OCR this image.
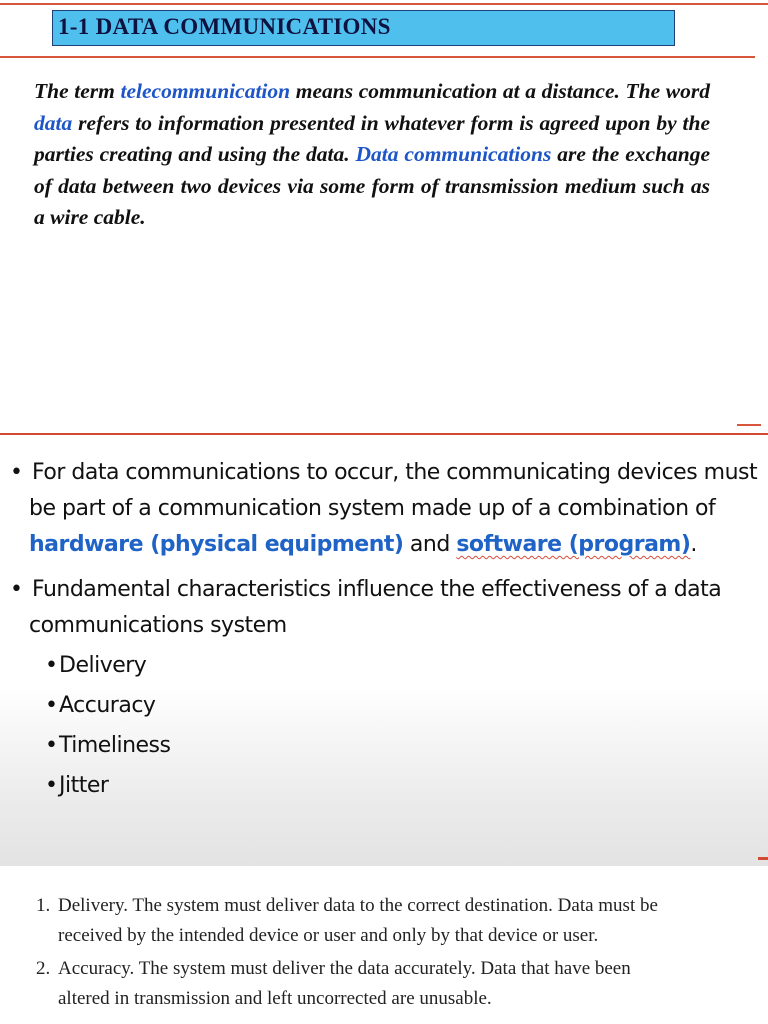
1-1 DATA COMMUNICATIONS

The term telecommunication means communication at a distance. The word data refers to information presented in whatever form is agreed upon by the parties creating and using the data. Data communications are the exchange of data between two devices via some form of transmission medium such as a wire cable.

• For data communications to occur, the communicating devices must

be part of a communication system made up of a combination of

hardware (physical equipment) and software (program).

• Fundamental characteristics influence the effectiveness of a data

communications system

•Delivery

•Accuracy

•Timeliness

•Jitter

1. Delivery. The system must deliver data to the correct destination. Data must be

received by the intended device or user and only by that device or user.

2. Accuracy. The system must deliver the data accurately. Data that have been

altered in transmission and left uncorrected are unusable.
